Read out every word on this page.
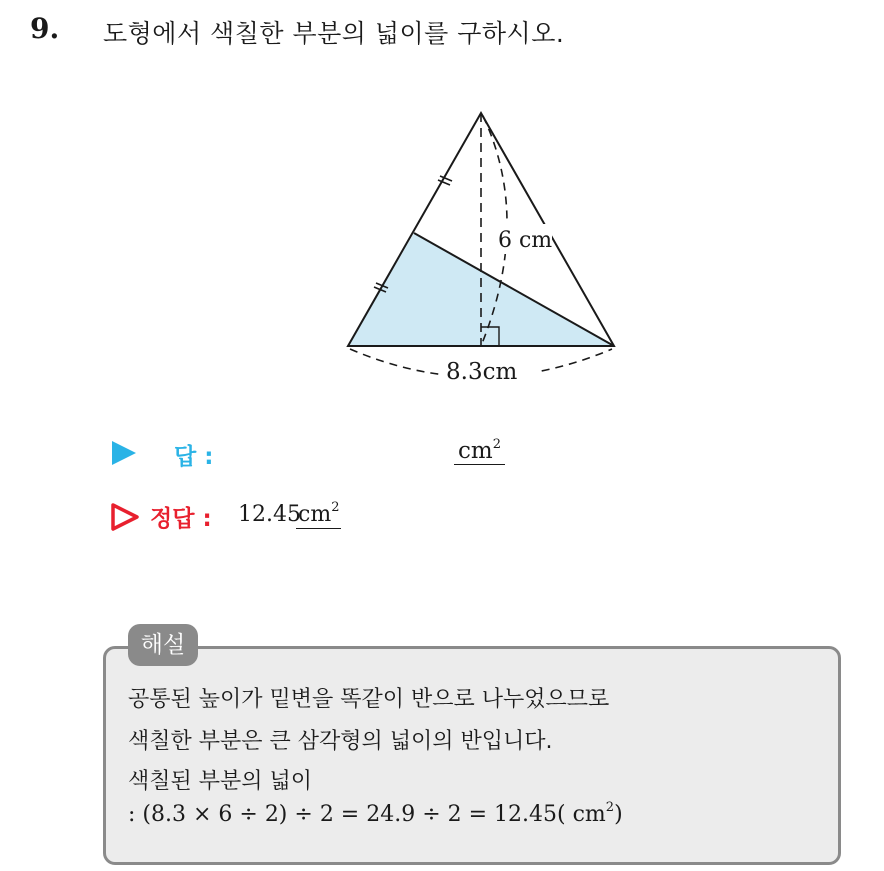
9. 도형에서 색칠한 부분의 넓이를 구하시오.
6 cm
8.3cm
답 :	$cm^2$
정답 : 12.45
$cm^2$
해설
공통된 높이가 밑변을 똑같이 반으로 나누었으므로
색칠한 부분은 큰 삼각형의 넓이의 반입니다.
색칠된 부분의 넓이
: (8.3 × 6 ÷ 2) ÷ 2 = 24.9 ÷ 2 = 12.45( $cm^2$)
